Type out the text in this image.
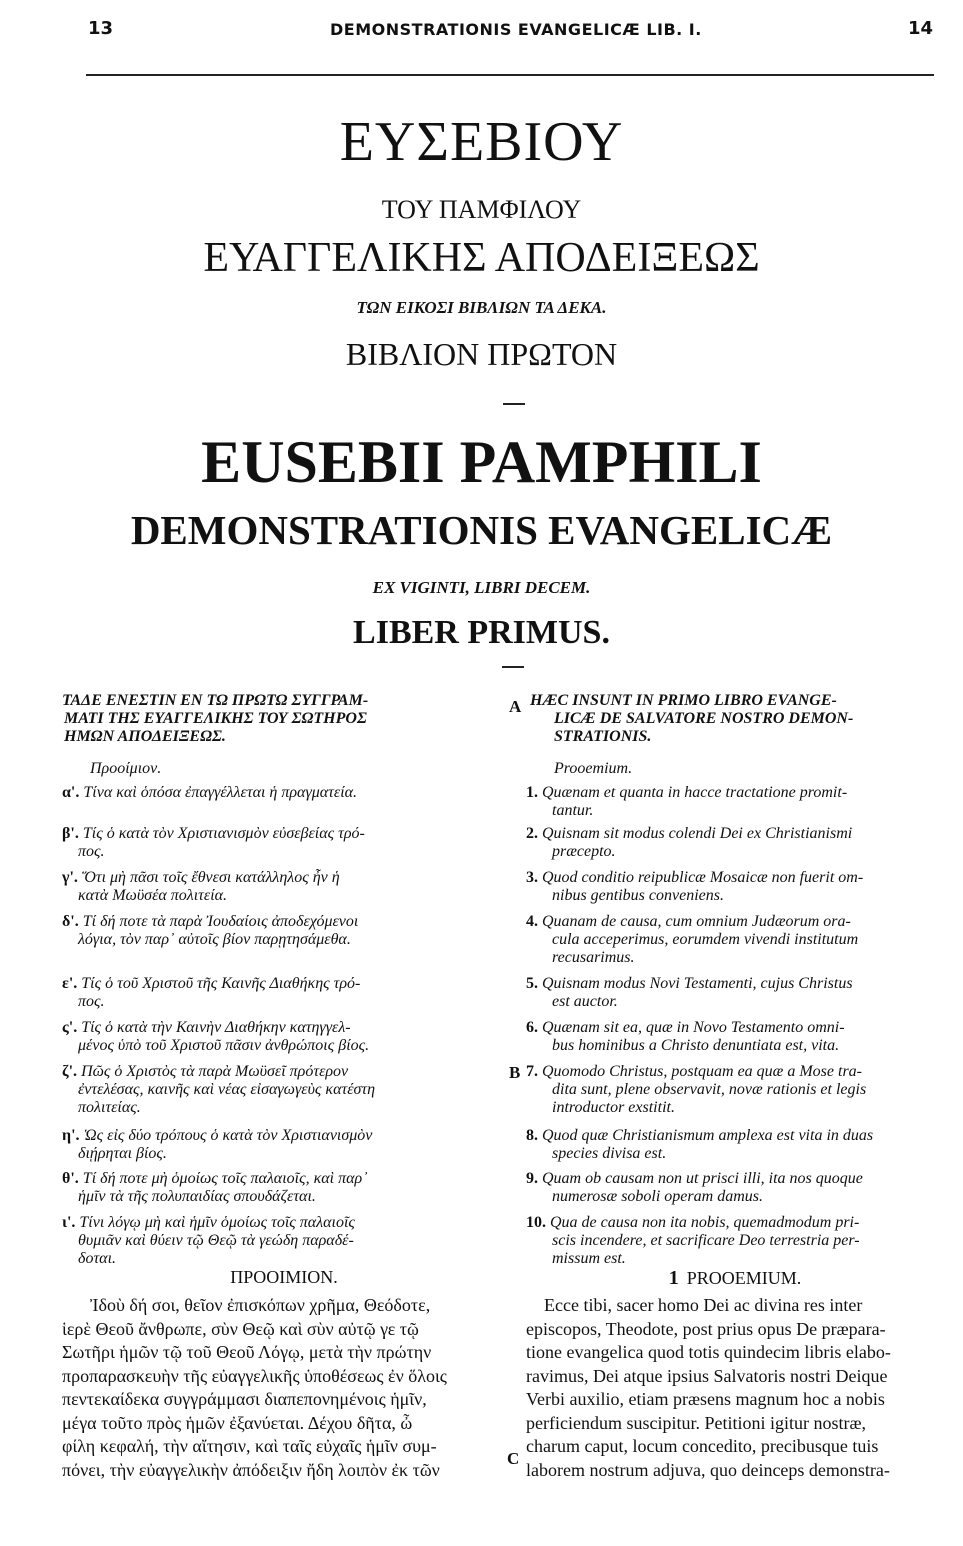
13	DEMONSTRATIONIS EVANGELICÆ LIB. I.	14
ΕΥΣΕΒΙΟΥ
ΤΟΥ ΠΑΜΦΙΛΟΥ
ΕΥΑΓΓΕΛΙΚΗΣ ΑΠΟΔΕΙΞΕΩΣ
ΤΩΝ ΕΙΚΟΣΙ ΒΙΒΛΙΩΝ ΤΑ ΔΕΚΑ.
ΒΙΒΛΙΟΝ ΠΡΩΤΟΝ
EUSEBII PAMPHILI
DEMONSTRATIONIS EVANGELICÆ
EX VIGINTI, LIBRI DECEM.
LIBER PRIMUS.
A
B
C
ΤΑΔΕ ΕΝΕΣΤΙΝ ΕΝ ΤΩ ΠΡΩΤΩ ΣΥΓΓΡΑΜ-
ΜΑΤΙ ΤΗΣ ΕΥΑΓΓΕΛΙΚΗΣ ΤΟΥ ΣΩΤΗΡΟΣ
ΗΜΩΝ ΑΠΟΔΕΙΞΕΩΣ.
Προοίμιον.
α'. Τίνα καὶ ὁπόσα ἐπαγγέλλεται ἡ πραγματεία.
β'. Τίς ὁ κατὰ τὸν Χριστιανισμὸν εὐσεβείας τρό-
πος.
γ'. Ὅτι μὴ πᾶσι τοῖς ἔθνεσι κατάλληλος ἦν ἡ
κατὰ Μωϋσέα πολιτεία.
δ'. Τί δή ποτε τὰ παρὰ Ἰουδαίοις ἀποδεχόμενοι
λόγια, τὸν παρ᾽ αὐτοῖς βίον παρῃτησάμεθα.
ε'. Τίς ὁ τοῦ Χριστοῦ τῆς Καινῆς Διαθήκης τρό-
πος.
ς'. Τίς ὁ κατὰ τὴν Καινὴν Διαθήκην κατηγγελ-
μένος ὑπὸ τοῦ Χριστοῦ πᾶσιν ἀνθρώποις βίος.
ζ'. Πῶς ὁ Χριστὸς τὰ παρὰ Μωϋσεῖ πρότερον
ἐντελέσας, καινῆς καὶ νέας εἰσαγωγεὺς κατέστη
πολιτείας.
η'. Ὡς εἰς δύο τρόπους ὁ κατὰ τὸν Χριστιανισμὸν
διῄρηται βίος.
θ'. Τί δή ποτε μὴ ὁμοίως τοῖς παλαιοῖς, καὶ παρ᾽
ἡμῖν τὰ τῆς πολυπαιδίας σπουδάζεται.
ι'. Τίνι λόγῳ μὴ καὶ ἡμῖν ὁμοίως τοῖς παλαιοῖς
θυμιᾶν καὶ θύειν τῷ Θεῷ τὰ γεώδη παραδέ-
δοται.
ΠΡΟΟΙΜΙΟΝ.
Ἰδοὺ δή σοι, θεῖον ἐπισκόπων χρῆμα, Θεόδοτε,
ἱερὲ Θεοῦ ἄνθρωπε, σὺν Θεῷ καὶ σὺν αὐτῷ γε τῷ
Σωτῆρι ἡμῶν τῷ τοῦ Θεοῦ Λόγῳ, μετὰ τὴν πρώτην
προπαρασκευὴν τῆς εὐαγγελικῆς ὑποθέσεως ἐν ὅλοις
πεντεκαίδεκα συγγράμμασι διαπεπονημένοις ἡμῖν,
μέγα τοῦτο πρὸς ἡμῶν ἐξανύεται. Δέχου δῆτα, ὦ
φίλη κεφαλή, τὴν αἴτησιν, καὶ ταῖς εὐχαῖς ἡμῖν συμ-
πόνει, τὴν εὐαγγελικὴν ἀπόδειξιν ἤδη λοιπὸν ἐκ τῶν
HÆC INSUNT IN PRIMO LIBRO EVANGE-
LICÆ DE SALVATORE NOSTRO DEMON-
STRATIONIS.
Prooemium.
1. Quænam et quanta in hacce tractatione promit-
tantur.
2. Quisnam sit modus colendi Dei ex Christianismi
præcepto.
3. Quod conditio reipublicæ Mosaicæ non fuerit om-
nibus gentibus conveniens.
4. Quanam de causa, cum omnium Judæorum ora-
cula acceperimus, eorumdem vivendi institutum
recusarimus.
5. Quisnam modus Novi Testamenti, cujus Christus
est auctor.
6. Quænam sit ea, quæ in Novo Testamento omni-
bus hominibus a Christo denuntiata est, vita.
7. Quomodo Christus, postquam ea quæ a Mose tra-
dita sunt, plene observavit, novæ rationis et legis
introductor exstitit.
8. Quod quæ Christianismum amplexa est vita in duas
species divisa est.
9. Quam ob causam non ut prisci illi, ita nos quoque
numerosæ soboli operam damus.
10. Qua de causa non ita nobis, quemadmodum pri-
scis incendere, et sacrificare Deo terrestria per-
missum est.
1 PROOEMIUM.
Ecce tibi, sacer homo Dei ac divina res inter
episcopos, Theodote, post prius opus De præpara-
tione evangelica quod totis quindecim libris elabo-
ravimus, Dei atque ipsius Salvatoris nostri Deique
Verbi auxilio, etiam præsens magnum hoc a nobis
perficiendum suscipitur. Petitioni igitur nostræ,
charum caput, locum concedito, precibusque tuis
laborem nostrum adjuva, quo deinceps demonstra-
